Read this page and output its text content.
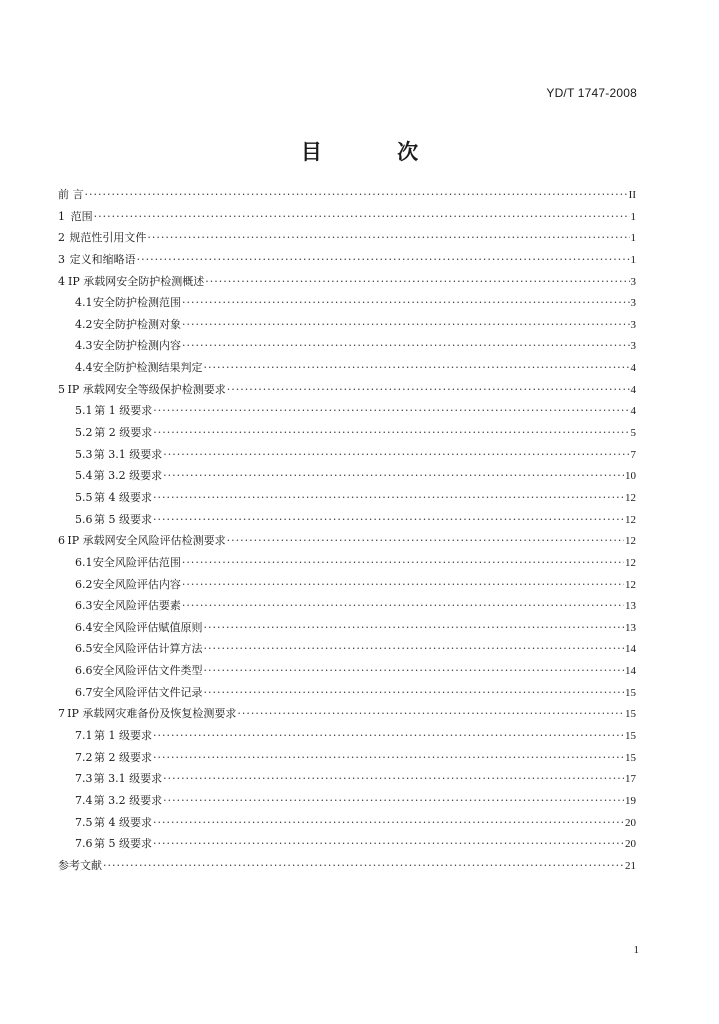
YD/T 1747-2008
目 次
前 言 ·····	II
1 范围 ·····	1
2 规范性引用文件 ·····	1
3 定义和缩略语 ·····	1
4 IP 承载网安全防护检测概述 ·····	3
4.1 安全防护检测范围 ·····	3
4.2 安全防护检测对象 ·····	3
4.3 安全防护检测内容 ·····	3
4.4 安全防护检测结果判定 ·····	4
5 IP 承载网安全等级保护检测要求 ·····	4
5.1 第 1 级要求 ·····	4
5.2 第 2 级要求 ·····	5
5.3 第 3.1 级要求 ·····	7
5.4 第 3.2 级要求 ·····	10
5.5 第 4 级要求 ·····	12
5.6 第 5 级要求 ·····	12
6 IP 承载网安全风险评估检测要求 ·····	12
6.1 安全风险评估范围 ·····	12
6.2 安全风险评估内容 ·····	12
6.3 安全风险评估要素 ·····	13
6.4 安全风险评估赋值原则 ·····	13
6.5 安全风险评估计算方法 ·····	14
6.6 安全风险评估文件类型 ·····	14
6.7 安全风险评估文件记录 ·····	15
7 IP 承载网灾难备份及恢复检测要求 ·····	15
7.1 第 1 级要求 ·····	15
7.2 第 2 级要求 ·····	15
7.3 第 3.1 级要求 ·····	17
7.4 第 3.2 级要求 ·····	19
7.5 第 4 级要求 ·····	20
7.6 第 5 级要求 ·····	20
参考文献 ·····	21
1
